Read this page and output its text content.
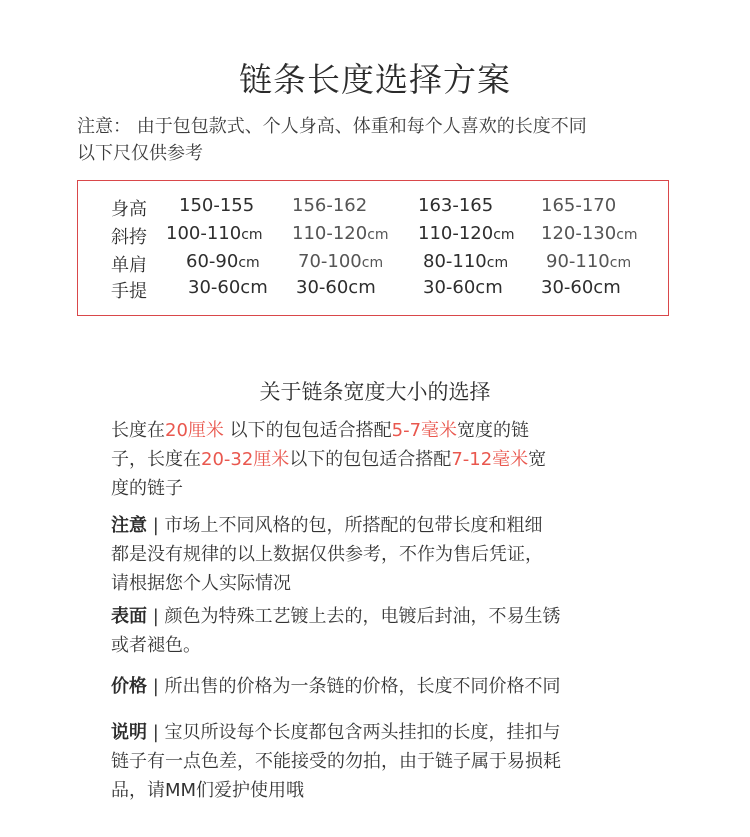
链条长度选择方案
注意： 由于包包款式、个人身高、体重和每个人喜欢的长度不同
以下尺仅供参考
身高 150-155 156-162	163-165	165-170
斜挎 100-110cm 110-120cm 110-120cm 120-130cm
单肩 60-90cm 70-100cm 80-110cm 90-110cm
手提 30-60cm 30-60cm	30-60cm 30-60cm
关于链条宽度大小的选择
长度在20厘米 以下的包包适合搭配5-7毫米宽度的链
子，长度在20-32厘米以下的包包适合搭配7-12毫米宽
度的链子
注意 | 市场上不同风格的包，所搭配的包带长度和粗细
都是没有规律的以上数据仅供参考，不作为售后凭证，
请根据您个人实际情况
表面 | 颜色为特殊工艺镀上去的，电镀后封油，不易生锈
或者褪色。
价格 | 所出售的价格为一条链的价格，长度不同价格不同
说明 | 宝贝所设每个长度都包含两头挂扣的长度，挂扣与
链子有一点色差，不能接受的勿拍，由于链子属于易损耗
品，请MM们爱护使用哦
